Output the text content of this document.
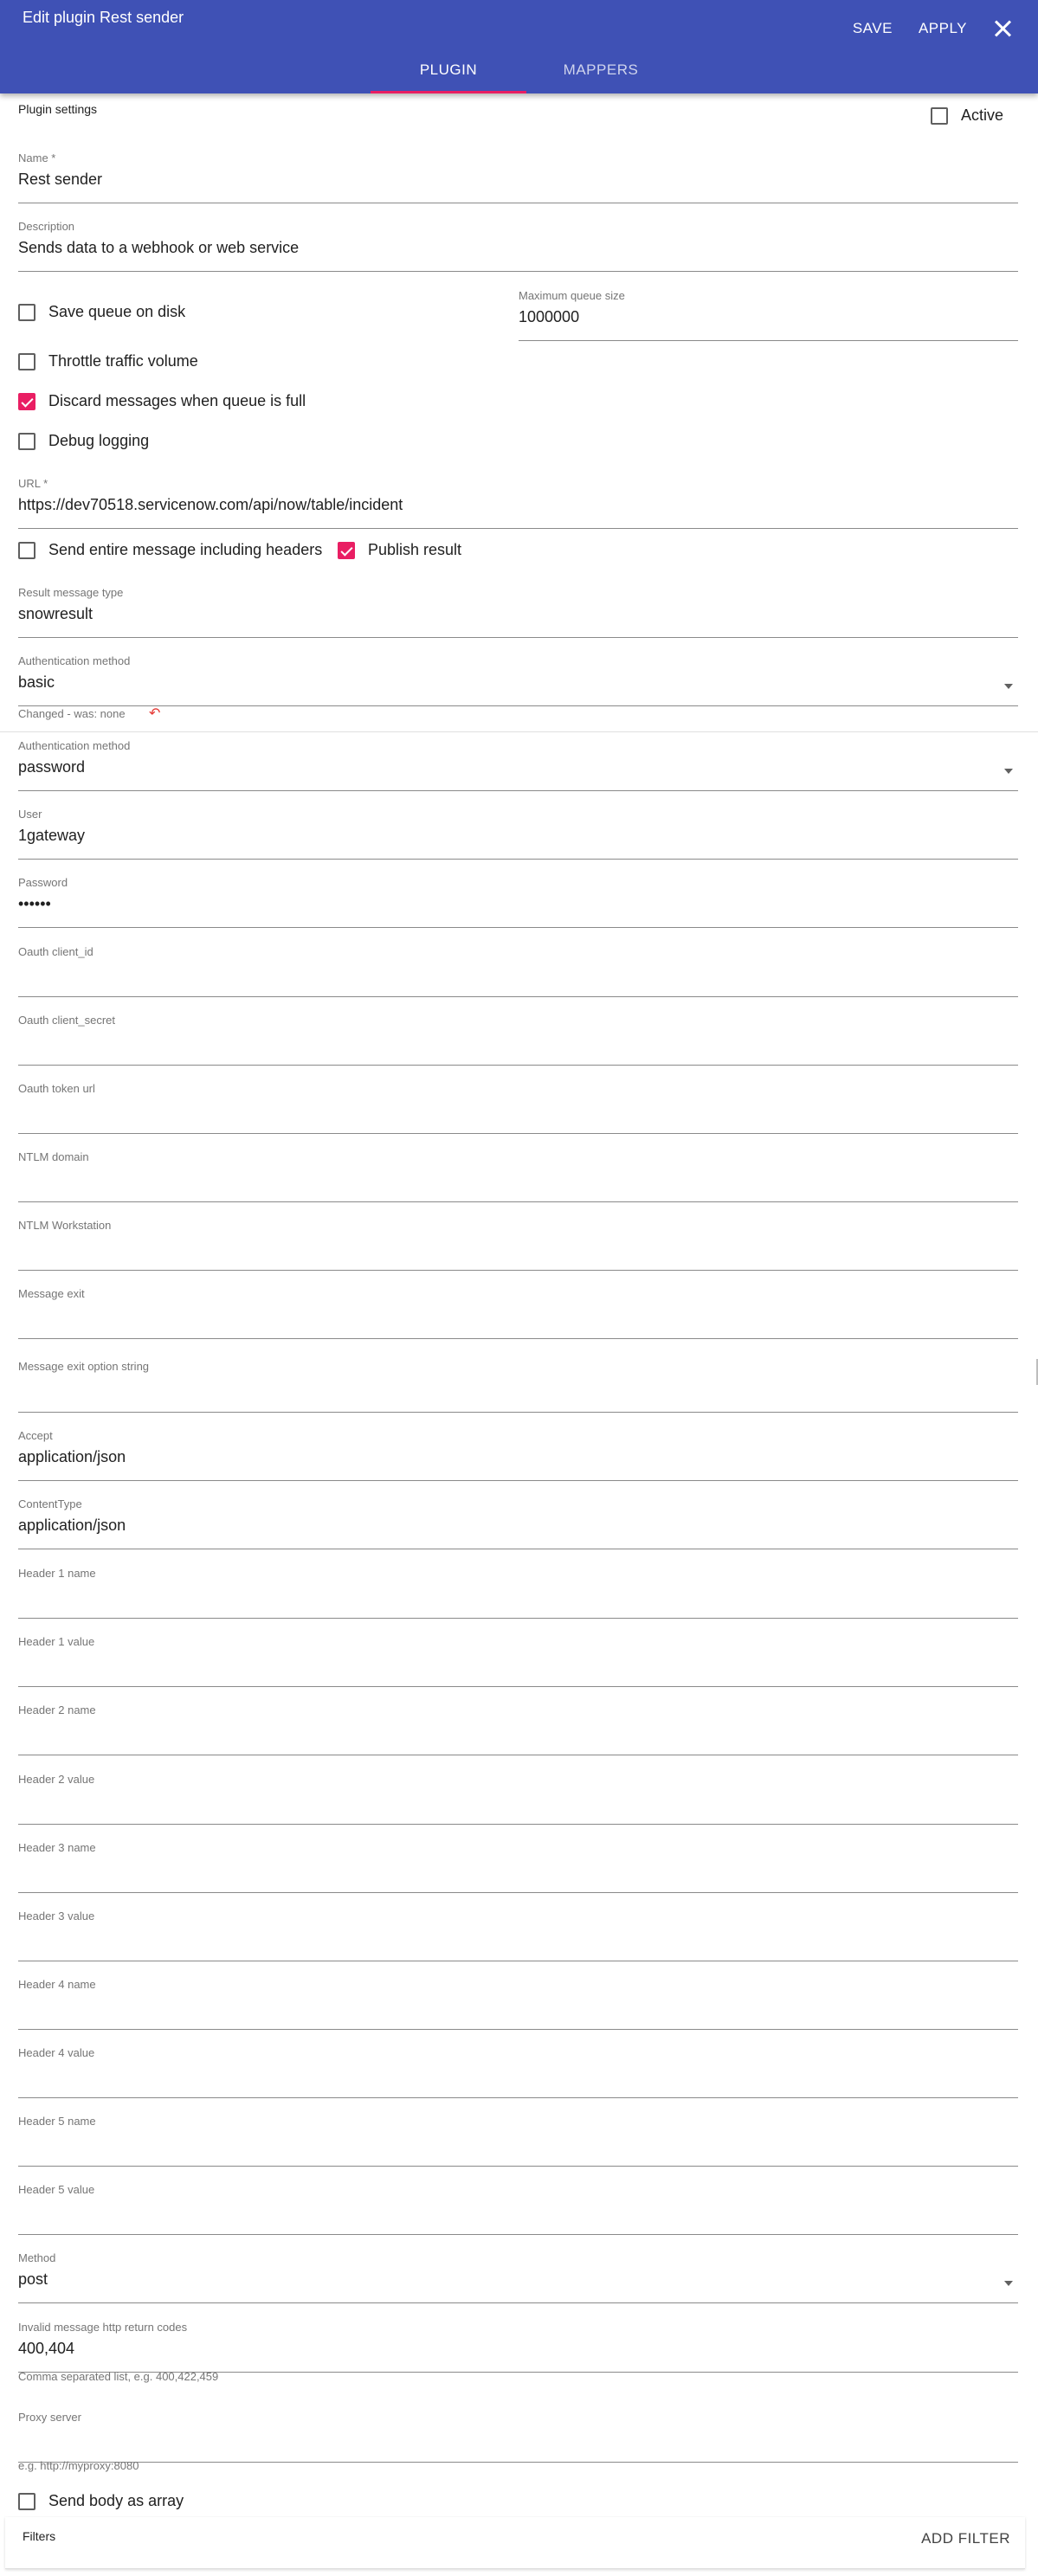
Edit plugin Rest sender
SAVE APPLY
PLUGIN	MAPPERS
Plugin settings	Active
Name *
Rest sender
Description
Sends data to a webhook or web service
Save queue on disk
Maximum queue size
1000000
Throttle traffic volume
Discard messages when queue is full
Debug logging
URL *
https://dev70518.servicenow.com/api/now/table/incident
Send entire message including headers	Publish result
Result message type
snowresult
Authentication method
basic
Changed - was: none ↶
Authentication method
password
User
1gateway
Password
••••••
Oauth client_id
Oauth client_secret
Oauth token url
NTLM domain
NTLM Workstation
Message exit
Message exit option string
Accept
application/json
ContentType
application/json
Header 1 name
Header 1 value
Header 2 name
Header 2 value
Header 3 name
Header 3 value
Header 4 name
Header 4 value
Header 5 name
Header 5 value
Method
post
Invalid message http return codes
400,404
Comma separated list, e.g. 400,422,459
Proxy server
e.g. http://myproxy:8080
Send body as array
Filters	ADD FILTER
